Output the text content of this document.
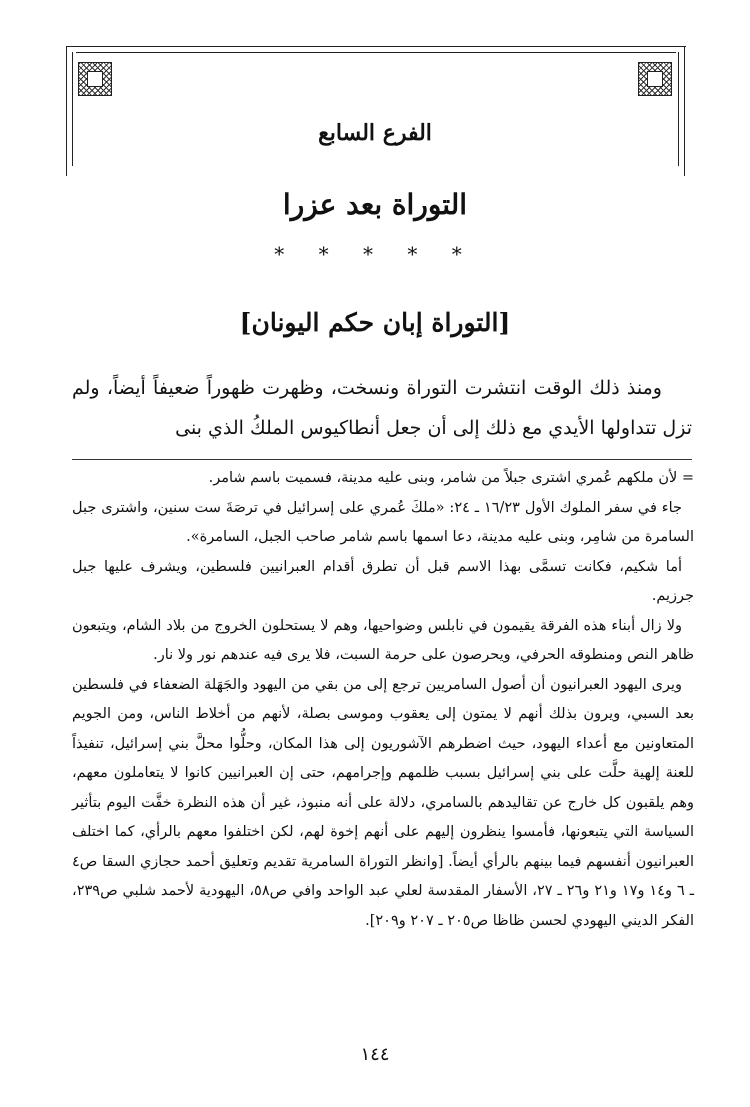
الفرع السابع
التوراة بعد عزرا
* * * * *
[التوراة إبان حكم اليونان]

ومنذ ذلك الوقت انتشرت التوراة ونسخت، وظهرت ظهوراً ضعيفاً أيضاً، ولم تزل تتداولها الأيدي مع ذلك إلى أن جعل أنطاكيوس الملكُ الذي بنى

= لأن ملكهم عُمري اشترى جبلاً من شامر، وبنى عليه مدينة، فسميت باسم شامر.

جاء في سفر الملوك الأول ١٦/٢٣ ـ ٢٤: «ملكَ عُمري على إسرائيل في ترصَةَ ست سنين، واشترى جبل السامرة من شامِر، وبنى عليه مدينة، دعا اسمها باسم شامر صاحب الجبل، السامرة».

أما شكيم، فكانت تسمَّى بهذا الاسم قبل أن تطرق أقدام العبرانيين فلسطين، ويشرف عليها جبل جرزيم.

ولا زال أبناء هذه الفرقة يقيمون في نابلس وضواحيها، وهم لا يستحلون الخروج من بلاد الشام، ويتبعون ظاهر النص ومنطوقه الحرفي، ويحرصون على حرمة السبت، فلا يرى فيه عندهم نور ولا نار.

ويرى اليهود العبرانيون أن أصول السامريين ترجع إلى من بقي من اليهود والجَهَلة الضعفاء في فلسطين بعد السبي، ويرون بذلك أنهم لا يمتون إلى يعقوب وموسى بصلة، لأنهم من أخلاط الناس، ومن الجويم المتعاونين مع أعداء اليهود، حيث اضطرهم الآشوريون إلى هذا المكان، وحلُّوا محلَّ بني إسرائيل، تنفيذاً للعنة إلهية حلَّت على بني إسرائيل بسبب ظلمهم وإجرامهم، حتى إن العبرانيين كانوا لا يتعاملون معهم، وهم يلقبون كل خارج عن تقاليدهم بالسامري، دلالة على أنه منبوذ، غير أن هذه النظرة خفَّت اليوم بتأثير السياسة التي يتبعونها، فأمسوا ينظرون إليهم على أنهم إخوة لهم، لكن اختلفوا معهم بالرأي، كما اختلف العبرانيون أنفسهم فيما بينهم بالرأي أيضاً. [وانظر التوراة السامرية تقديم وتعليق أحمد حجازي السقا ص٤ ـ ٦ و١٤ و١٧ و٢١ و٢٦ ـ ٢٧، الأسفار المقدسة لعلي عبد الواحد وافي ص٥٨، اليهودية لأحمد شلبي ص٢٣٩، الفكر الديني اليهودي لحسن ظاظا ص٢٠٥ ـ ٢٠٧ و٢٠٩].

١٤٤
